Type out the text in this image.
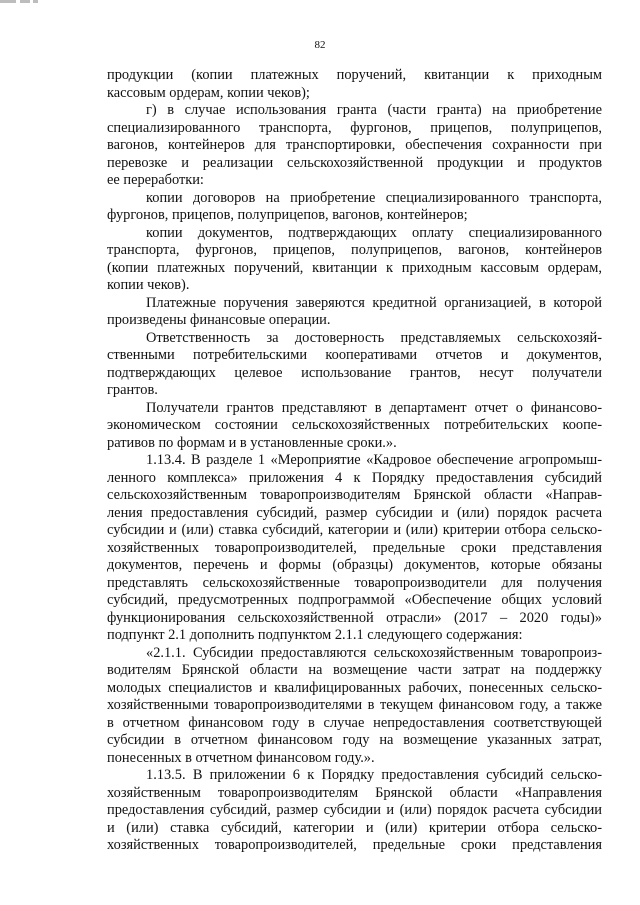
82
продукции (копии платежных поручений, квитанции к приходным
кассовым ордерам, копии чеков);
г) в случае использования гранта (части гранта) на приобретение
специализированного транспорта, фургонов, прицепов, полуприцепов,
вагонов, контейнеров для транспортировки, обеспечения сохранности при
перевозке и реализации сельскохозяйственной продукции и продуктов
ее переработки:
копии договоров на приобретение специализированного транспорта,
фургонов, прицепов, полуприцепов, вагонов, контейнеров;
копии документов, подтверждающих оплату специализированного
транспорта, фургонов, прицепов, полуприцепов, вагонов, контейнеров
(копии платежных поручений, квитанции к приходным кассовым ордерам,
копии чеков).
Платежные поручения заверяются кредитной организацией, в которой
произведены финансовые операции.
Ответственность за достоверность представляемых сельскохозяй-
ственными потребительскими кооперативами отчетов и документов,
подтверждающих целевое использование грантов, несут получатели
грантов.
Получатели грантов представляют в департамент отчет о финансово-
экономическом состоянии сельскохозяйственных потребительских коопе-
ративов по формам и в установленные сроки.».
1.13.4. В разделе 1 «Мероприятие «Кадровое обеспечение агропромыш-
ленного комплекса» приложения 4 к Порядку предоставления субсидий
сельскохозяйственным товаропроизводителям Брянской области «Направ-
ления предоставления субсидий, размер субсидии и (или) порядок расчета
субсидии и (или) ставка субсидий, категории и (или) критерии отбора сельско-
хозяйственных товаропроизводителей, предельные сроки представления
документов, перечень и формы (образцы) документов, которые обязаны
представлять сельскохозяйственные товаропроизводители для получения
субсидий, предусмотренных подпрограммой «Обеспечение общих условий
функционирования сельскохозяйственной отрасли» (2017 – 2020 годы)»
подпункт 2.1 дополнить подпунктом 2.1.1 следующего содержания:
«2.1.1. Субсидии предоставляются сельскохозяйственным товаропроиз-
водителям Брянской области на возмещение части затрат на поддержку
молодых специалистов и квалифицированных рабочих, понесенных сельско-
хозяйственными товаропроизводителями в текущем финансовом году, а также
в отчетном финансовом году в случае непредоставления соответствующей
субсидии в отчетном финансовом году на возмещение указанных затрат,
понесенных в отчетном финансовом году.».
1.13.5. В приложении 6 к Порядку предоставления субсидий сельско-
хозяйственным товаропроизводителям Брянской области «Направления
предоставления субсидий, размер субсидии и (или) порядок расчета субсидии
и (или) ставка субсидий, категории и (или) критерии отбора сельско-
хозяйственных товаропроизводителей, предельные сроки представления
